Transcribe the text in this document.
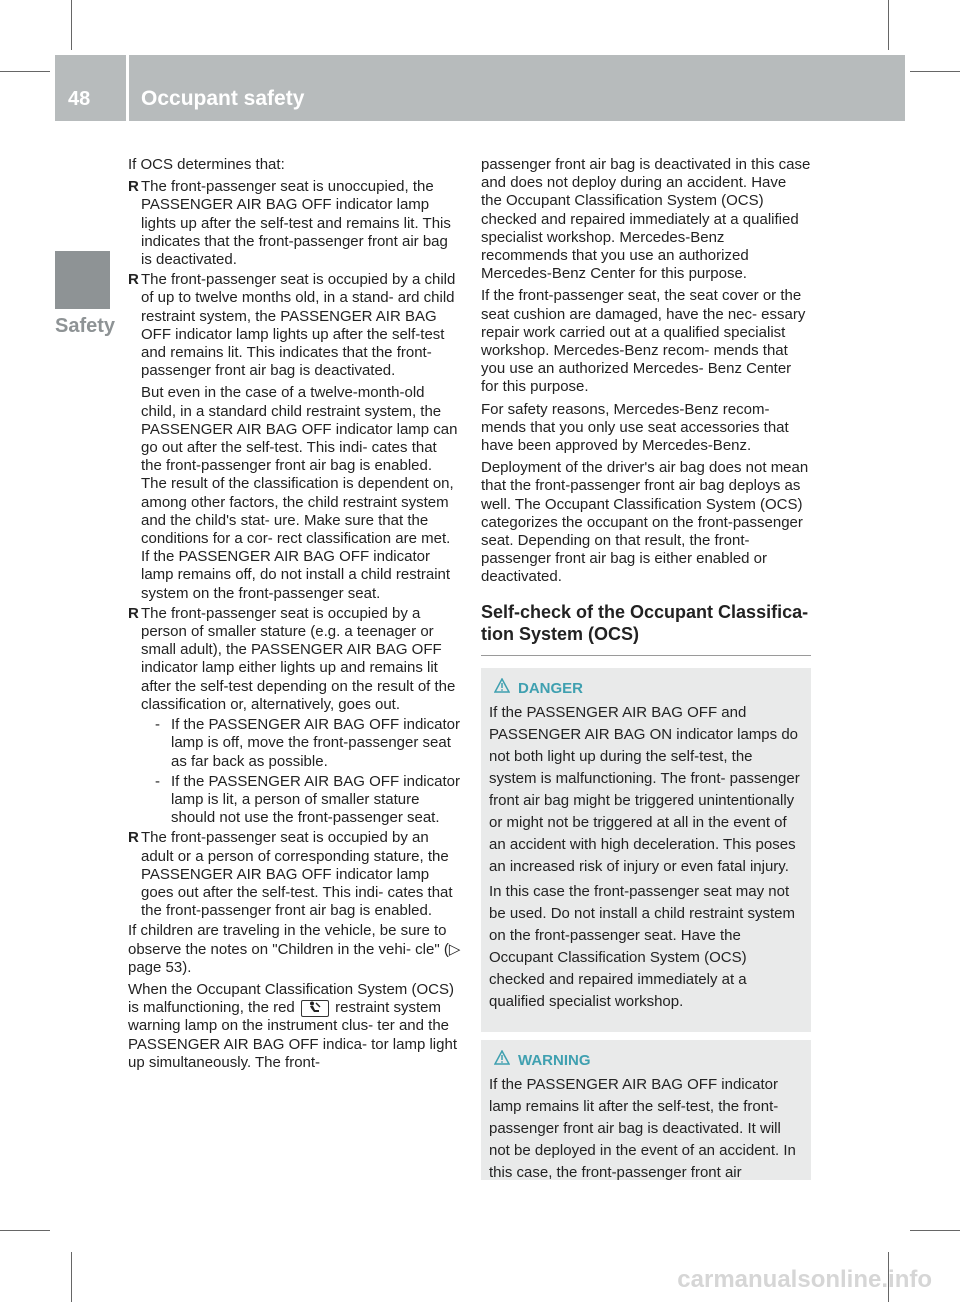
48 Occupant safety
Safety

If OCS determines that:

R The front-passenger seat is unoccupied, the PASSENGER AIR BAG OFF indicator lamp lights up after the self-test and remains lit. This indicates that the front-passenger front air bag is deactivated.

R The front-passenger seat is occupied by a child of up to twelve months old, in a stand- ard child restraint system, the PASSENGER AIR BAG OFF indicator lamp lights up after the self-test and remains lit. This indicates that the front-passenger front air bag is deactivated.

But even in the case of a twelve-month-old child, in a standard child restraint system, the PASSENGER AIR BAG OFF indicator lamp can go out after the self-test. This indi- cates that the front-passenger front air bag is enabled. The result of the classification is dependent on, among other factors, the child restraint system and the child's stat- ure. Make sure that the conditions for a cor- rect classification are met. If the PASSENGER AIR BAG OFF indicator lamp remains off, do not install a child restraint system on the front-passenger seat.

R The front-passenger seat is occupied by a person of smaller stature (e.g. a teenager or small adult), the PASSENGER AIR BAG OFF indicator lamp either lights up and remains lit after the self-test depending on the result of the classification or, alternatively, goes out.

- If the PASSENGER AIR BAG OFF indicator lamp is off, move the front-passenger seat as far back as possible.
- If the PASSENGER AIR BAG OFF indicator lamp is lit, a person of smaller stature should not use the front-passenger seat.
R The front-passenger seat is occupied by an adult or a person of corresponding stature, the PASSENGER AIR BAG OFF indicator lamp goes out after the self-test. This indi- cates that the front-passenger front air bag is enabled.

If children are traveling in the vehicle, be sure to observe the notes on "Children in the vehi- cle" (▷ page 53).

When the Occupant Classification System (OCS) is malfunctioning, the red	restraint system warning lamp on the instrument clus- ter and the PASSENGER AIR BAG OFF indica- tor lamp light up simultaneously. The front-

passenger front air bag is deactivated in this case and does not deploy during an accident. Have the Occupant Classification System (OCS) checked and repaired immediately at a qualified specialist workshop. Mercedes-Benz recommends that you use an authorized Mercedes-Benz Center for this purpose.

If the front-passenger seat, the seat cover or the seat cushion are damaged, have the nec- essary repair work carried out at a qualified specialist workshop. Mercedes-Benz recom- mends that you use an authorized Mercedes- Benz Center for this purpose.

For safety reasons, Mercedes-Benz recom- mends that you only use seat accessories that have been approved by Mercedes-Benz.

Deployment of the driver's air bag does not mean that the front-passenger front air bag deploys as well. The Occupant Classification System (OCS) categorizes the occupant on the front-passenger seat. Depending on that result, the front-passenger front air bag is either enabled or deactivated.

Self-check of the Occupant Classifica- tion System (OCS)
DANGER

If the PASSENGER AIR BAG OFF and PASSENGER AIR BAG ON indicator lamps do not both light up during the self-test, the system is malfunctioning. The front- passenger front air bag might be triggered unintentionally or might not be triggered at all in the event of an accident with high deceleration. This poses an increased risk of injury or even fatal injury.

In this case the front-passenger seat may not be used. Do not install a child restraint system on the front-passenger seat. Have the Occupant Classification System (OCS) checked and repaired immediately at a qualified specialist workshop.

WARNING

If the PASSENGER AIR BAG OFF indicator lamp remains lit after the self-test, the front- passenger front air bag is deactivated. It will not be deployed in the event of an accident. In this case, the front-passenger front air

carmanualsonline.info
